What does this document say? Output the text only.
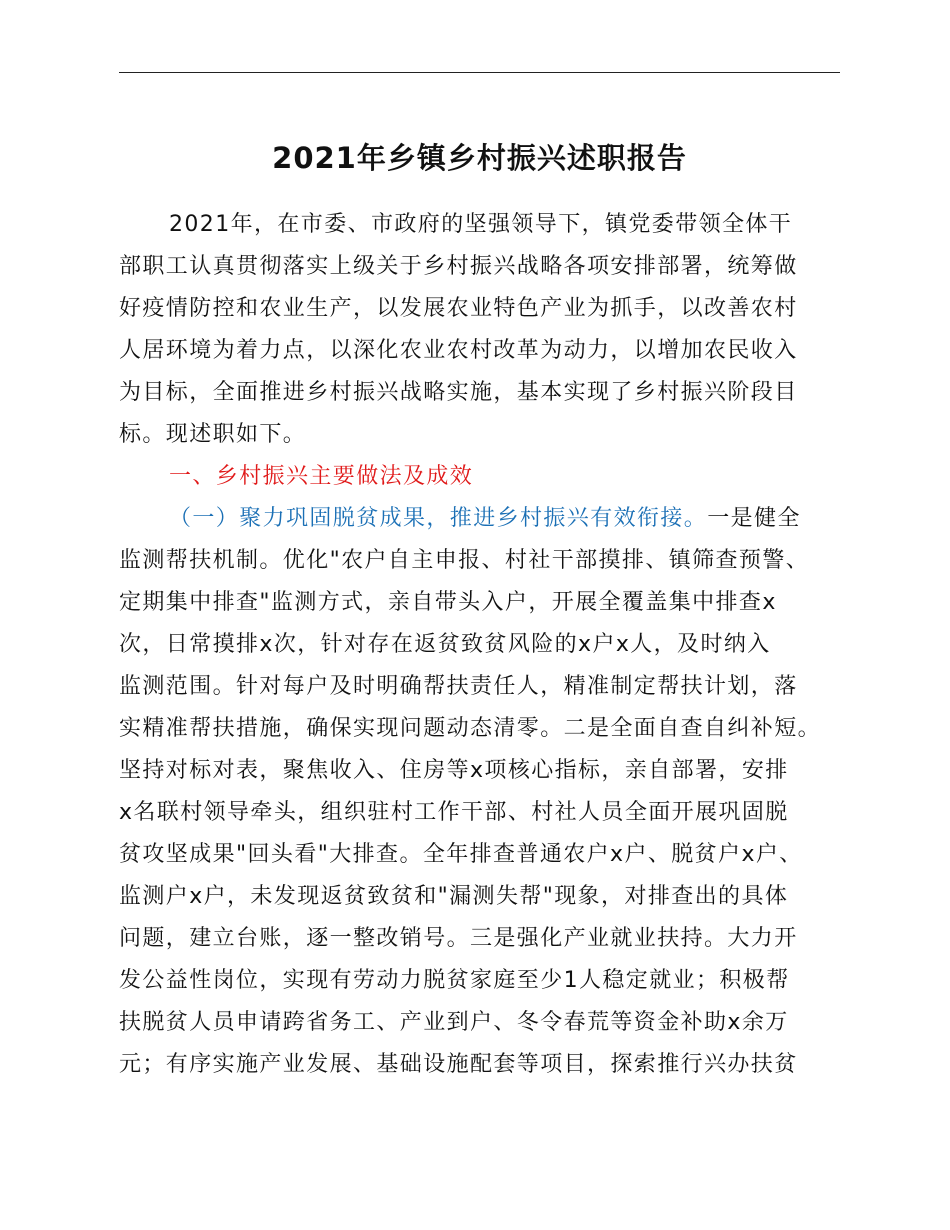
2021年乡镇乡村振兴述职报告
2021年，在市委、市政府的坚强领导下，镇党委带领全体干
部职工认真贯彻落实上级关于乡村振兴战略各项安排部署，统筹做
好疫情防控和农业生产，以发展农业特色产业为抓手，以改善农村
人居环境为着力点，以深化农业农村改革为动力，以增加农民收入
为目标，全面推进乡村振兴战略实施，基本实现了乡村振兴阶段目
标。现述职如下。
一、乡村振兴主要做法及成效
（一）聚力巩固脱贫成果，推进乡村振兴有效衔接。一是健全
监测帮扶机制。优化"农户自主申报、村社干部摸排、镇筛查预警、
定期集中排查"监测方式，亲自带头入户，开展全覆盖集中排查x
次，日常摸排x次，针对存在返贫致贫风险的x户x人，及时纳入
监测范围。针对每户及时明确帮扶责任人，精准制定帮扶计划，落
实精准帮扶措施，确保实现问题动态清零。二是全面自查自纠补短。
坚持对标对表，聚焦收入、住房等x项核心指标，亲自部署，安排
x名联村领导牵头，组织驻村工作干部、村社人员全面开展巩固脱
贫攻坚成果"回头看"大排查。全年排查普通农户x户、脱贫户x户、
监测户x户，未发现返贫致贫和"漏测失帮"现象，对排查出的具体
问题，建立台账，逐一整改销号。三是强化产业就业扶持。大力开
发公益性岗位，实现有劳动力脱贫家庭至少1人稳定就业；积极帮
扶脱贫人员申请跨省务工、产业到户、冬令春荒等资金补助x余万
元；有序实施产业发展、基础设施配套等项目，探索推行兴办扶贫
